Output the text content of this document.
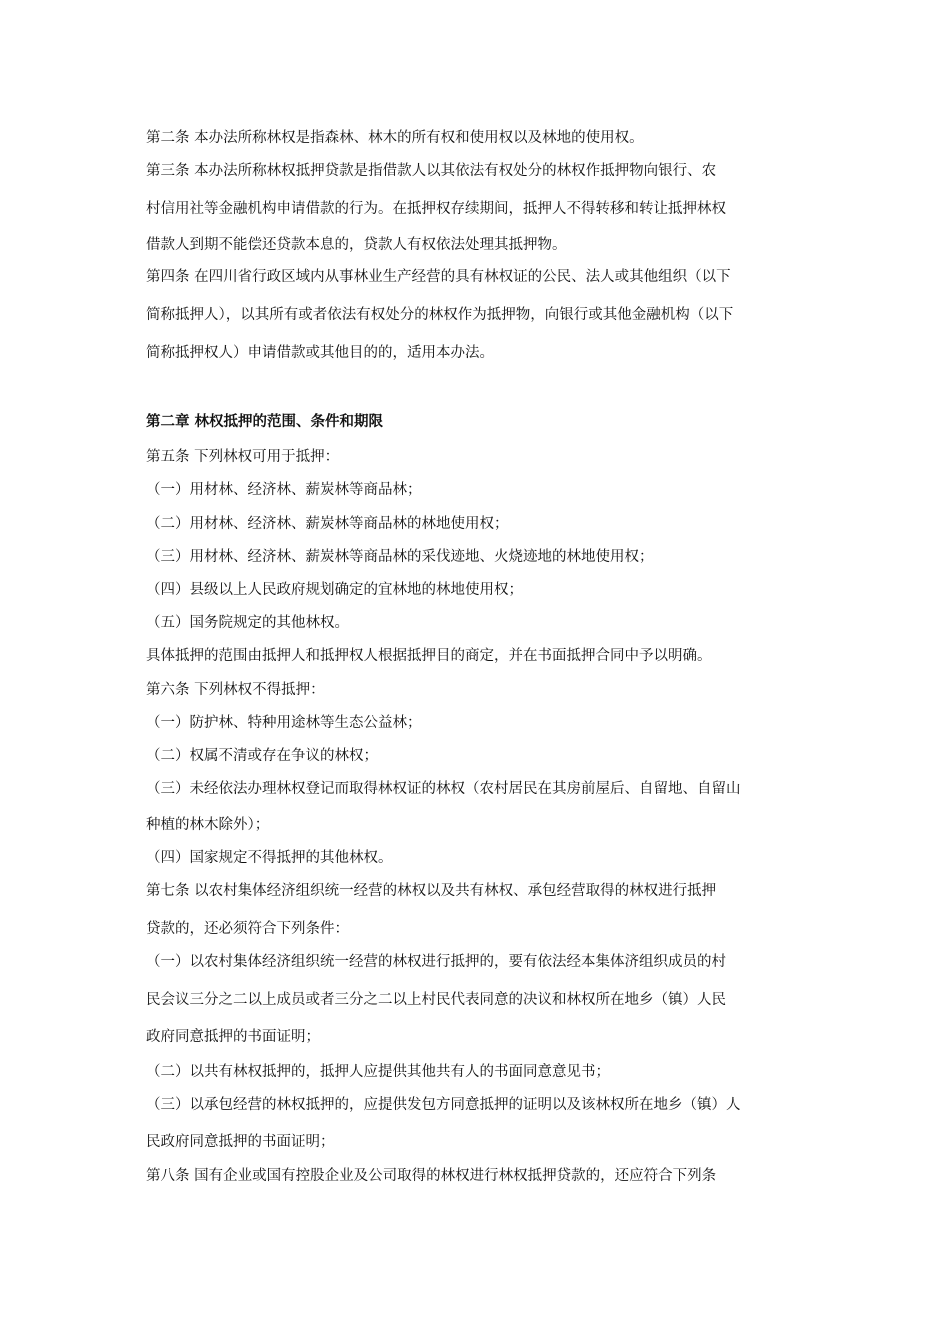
第二条 本办法所称林权是指森林、林木的所有权和使用权以及林地的使用权。
第三条 本办法所称林权抵押贷款是指借款人以其依法有权处分的林权作抵押物向银行、农
村信用社等金融机构申请借款的行为。在抵押权存续期间，抵押人不得转移和转让抵押林权
借款人到期不能偿还贷款本息的，贷款人有权依法处理其抵押物。
第四条 在四川省行政区域内从事林业生产经营的具有林权证的公民、法人或其他组织（以下
简称抵押人），以其所有或者依法有权处分的林权作为抵押物，向银行或其他金融机构（以下
简称抵押权人）申请借款或其他目的的，适用本办法。
第二章 林权抵押的范围、条件和期限
第五条 下列林权可用于抵押：
（一）用材林、经济林、薪炭林等商品林；
（二）用材林、经济林、薪炭林等商品林的林地使用权；
（三）用材林、经济林、薪炭林等商品林的采伐迹地、火烧迹地的林地使用权；
（四）县级以上人民政府规划确定的宜林地的林地使用权；
（五）国务院规定的其他林权。
具体抵押的范围由抵押人和抵押权人根据抵押目的商定，并在书面抵押合同中予以明确。
第六条 下列林权不得抵押：
（一）防护林、特种用途林等生态公益林；
（二）权属不清或存在争议的林权；
（三）未经依法办理林权登记而取得林权证的林权（农村居民在其房前屋后、自留地、自留山
种植的林木除外）；
（四）国家规定不得抵押的其他林权。
第七条 以农村集体经济组织统一经营的林权以及共有林权、承包经营取得的林权进行抵押
贷款的，还必须符合下列条件：
（一）以农村集体经济组织统一经营的林权进行抵押的，要有依法经本集体济组织成员的村
民会议三分之二以上成员或者三分之二以上村民代表同意的决议和林权所在地乡（镇）人民
政府同意抵押的书面证明；
（二）以共有林权抵押的，抵押人应提供其他共有人的书面同意意见书；
（三）以承包经营的林权抵押的，应提供发包方同意抵押的证明以及该林权所在地乡（镇）人
民政府同意抵押的书面证明；
第八条 国有企业或国有控股企业及公司取得的林权进行林权抵押贷款的，还应符合下列条
